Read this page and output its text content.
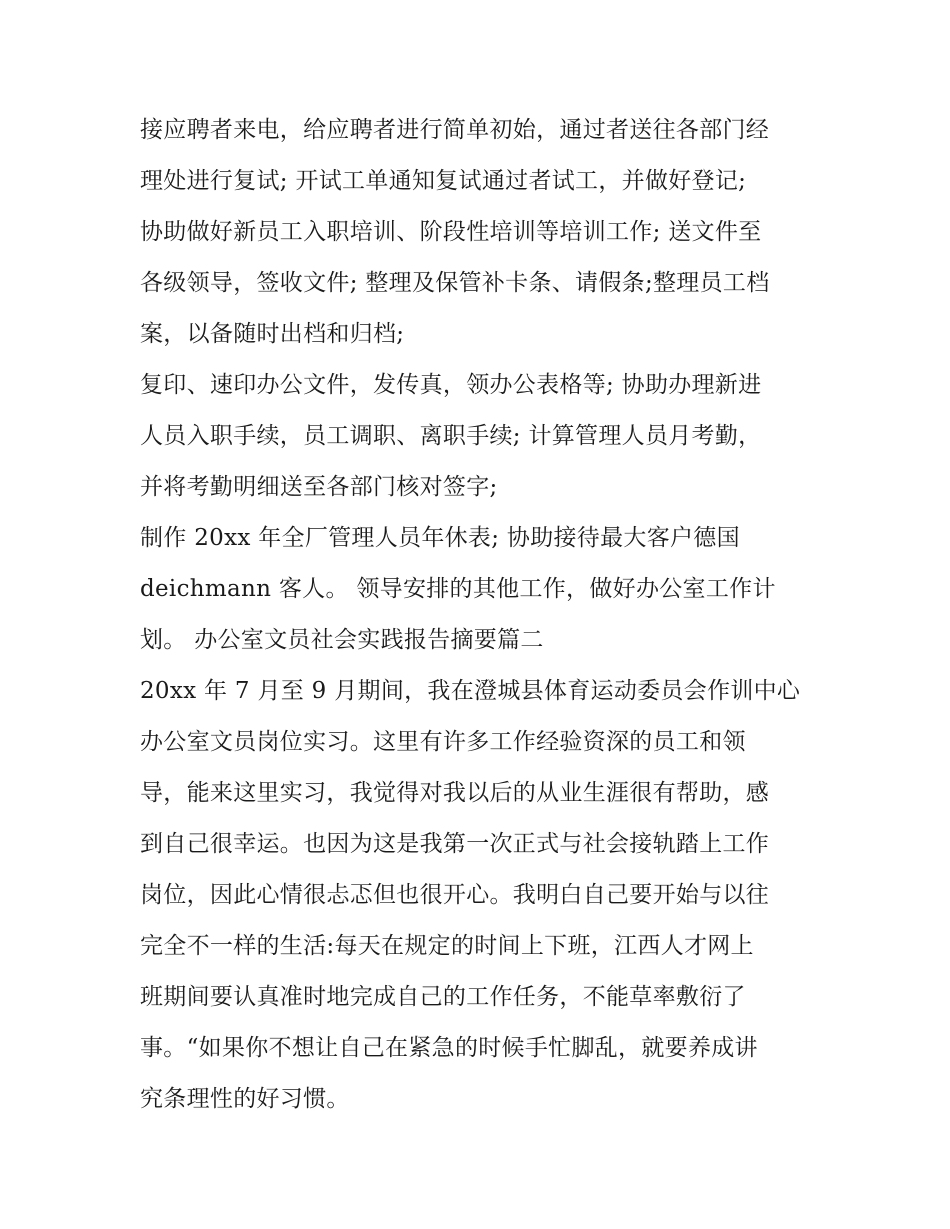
接应聘者来电，给应聘者进行简单初始，通过者送往各部门经
理处进行复试; 开试工单通知复试通过者试工，并做好登记;
协助做好新员工入职培训、阶段性培训等培训工作; 送文件至
各级领导，签收文件; 整理及保管补卡条、请假条;整理员工档
案，以备随时出档和归档;
复印、速印办公文件，发传真，领办公表格等; 协助办理新进
人员入职手续，员工调职、离职手续; 计算管理人员月考勤，
并将考勤明细送至各部门核对签字;
制作 20xx 年全厂管理人员年休表; 协助接待最大客户德国
deichmann 客人。 领导安排的其他工作，做好办公室工作计
划。 办公室文员社会实践报告摘要篇二
20xx 年 7 月至 9 月期间，我在澄城县体育运动委员会作训中心
办公室文员岗位实习。这里有许多工作经验资深的员工和领
导，能来这里实习，我觉得对我以后的从业生涯很有帮助，感
到自己很幸运。也因为这是我第一次正式与社会接轨踏上工作
岗位，因此心情很忐忑但也很开心。我明白自己要开始与以往
完全不一样的生活:每天在规定的时间上下班，江西人才网上
班期间要认真准时地完成自己的工作任务，不能草率敷衍了
事。“如果你不想让自己在紧急的时候手忙脚乱，就要养成讲
究条理性的好习惯。
